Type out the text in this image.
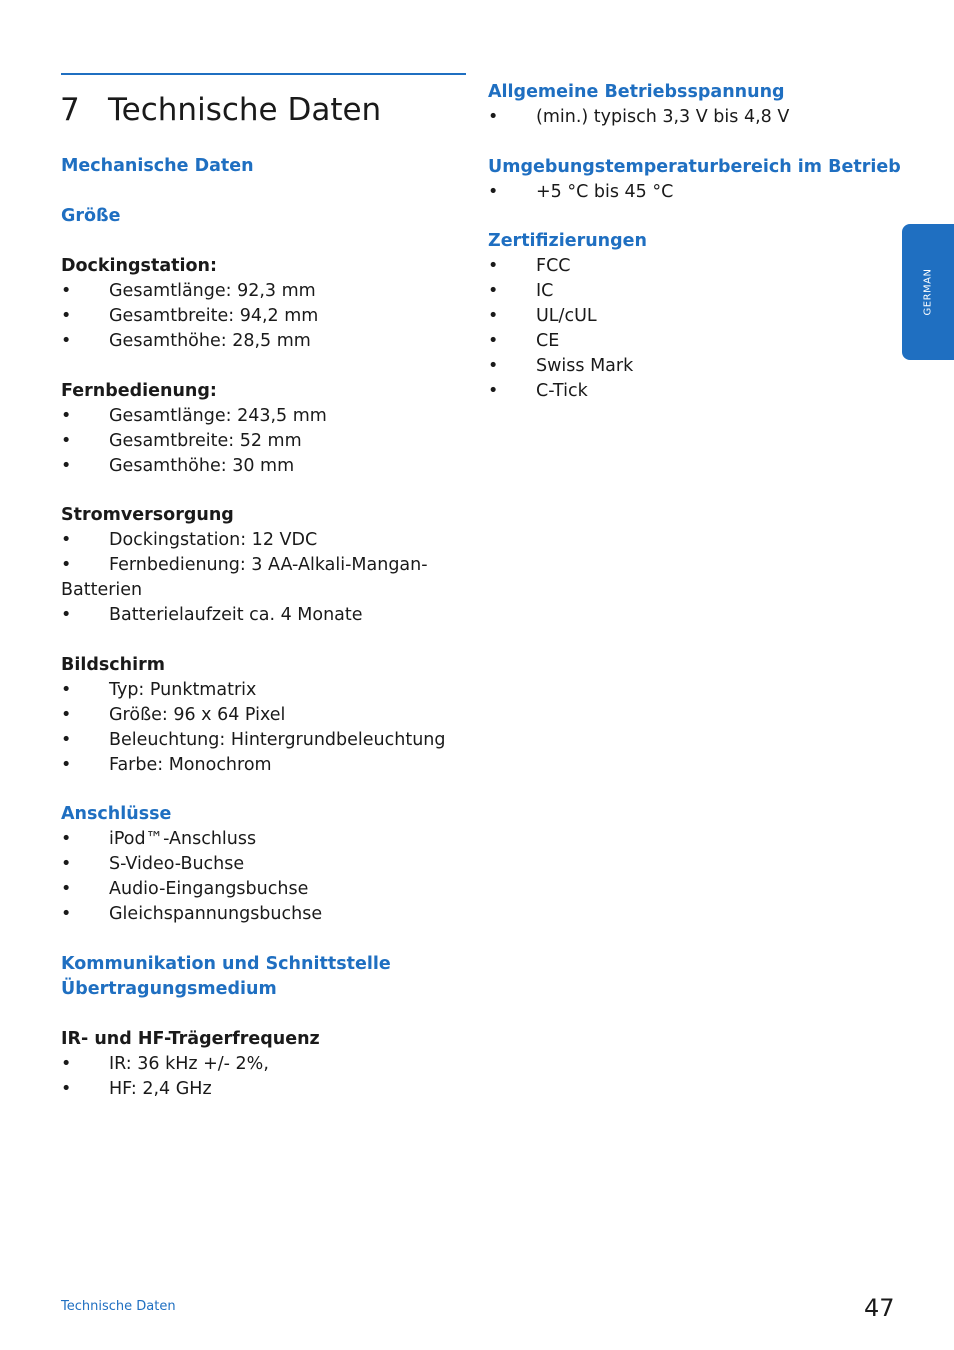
7 Technische Daten
Mechanische Daten
Größe
Dockingstation:
• Gesamtlänge: 92,3 mm
• Gesamtbreite: 94,2 mm
• Gesamthöhe: 28,5 mm
Fernbedienung:
• Gesamtlänge: 243,5 mm
• Gesamtbreite: 52 mm
• Gesamthöhe: 30 mm
Stromversorgung
• Dockingstation: 12 VDC
• Fernbedienung: 3 AA-Alkali-Mangan-Batterien
• Batterielaufzeit ca. 4 Monate
Bildschirm
• Typ: Punktmatrix
• Größe: 96 x 64 Pixel
• Beleuchtung: Hintergrundbeleuchtung
• Farbe: Monochrom
Anschlüsse
• iPod™-Anschluss
• S-Video-Buchse
• Audio-Eingangsbuchse
• Gleichspannungsbuchse
Kommunikation und Schnittstelle
Übertragungsmedium
IR- und HF-Trägerfrequenz
• IR: 36 kHz +/- 2%,
• HF: 2,4 GHz
Allgemeine Betriebsspannung
• (min.) typisch 3,3 V bis 4,8 V
Umgebungstemperaturbereich im Betrieb
• +5 °C bis 45 °C
Zertifizierungen
• FCC
• IC
• UL/cUL
• CE
• Swiss Mark
• C-Tick
GERMAN
Technische Daten	47
